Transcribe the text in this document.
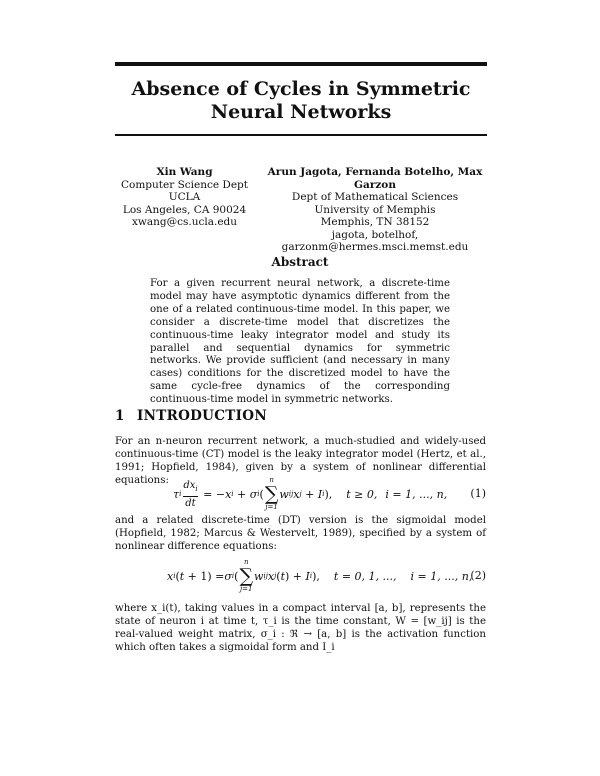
Absence of Cycles in Symmetric Neural Networks
Xin Wang
Computer Science Dept
UCLA
Los Angeles, CA 90024
xwang@cs.ucla.edu
Arun Jagota, Fernanda Botelho, Max Garzon
Dept of Mathematical Sciences
University of Memphis
Memphis, TN 38152
jagota, botelhof, garzonm@hermes.msci.memst.edu
Abstract
For a given recurrent neural network, a discrete-time model may have asymptotic dynamics different from the one of a related continuous-time model. In this paper, we consider a discrete-time model that discretizes the continuous-time leaky integrator model and study its parallel and sequential dynamics for symmetric networks. We provide sufficient (and necessary in many cases) conditions for the discretized model to have the same cycle-free dynamics of the corresponding continuous-time model in symmetric networks.
1 INTRODUCTION
For an n-neuron recurrent network, a much-studied and widely-used continuous-time (CT) model is the leaky integrator model (Hertz, et al., 1991; Hopfield, 1984), given by a system of nonlinear differential equations:
τ i $\frac{dx_i}{dt}$ = − x i + σ i (
n
∑
j=1
w ij x j + I i ), t ≥ 0, i = 1, ..., n, (1)
and a related discrete-time (DT) version is the sigmoidal model (Hopfield, 1982; Marcus & Westervelt, 1989), specified by a system of nonlinear difference equations:
x i ( t + 1) = σ i (
n
∑
j=1
w ij x j ( t ) + I i ), t = 0, 1, ..., i = 1, ..., n,
(2)
where x_i(t), taking values in a compact interval [a, b], represents the state of neuron i at time t, τ_i is the time constant, W = [w_ij] is the real-valued weight matrix, σ_i : ℜ → [a, b] is the activation function which often takes a sigmoidal form and I_i
